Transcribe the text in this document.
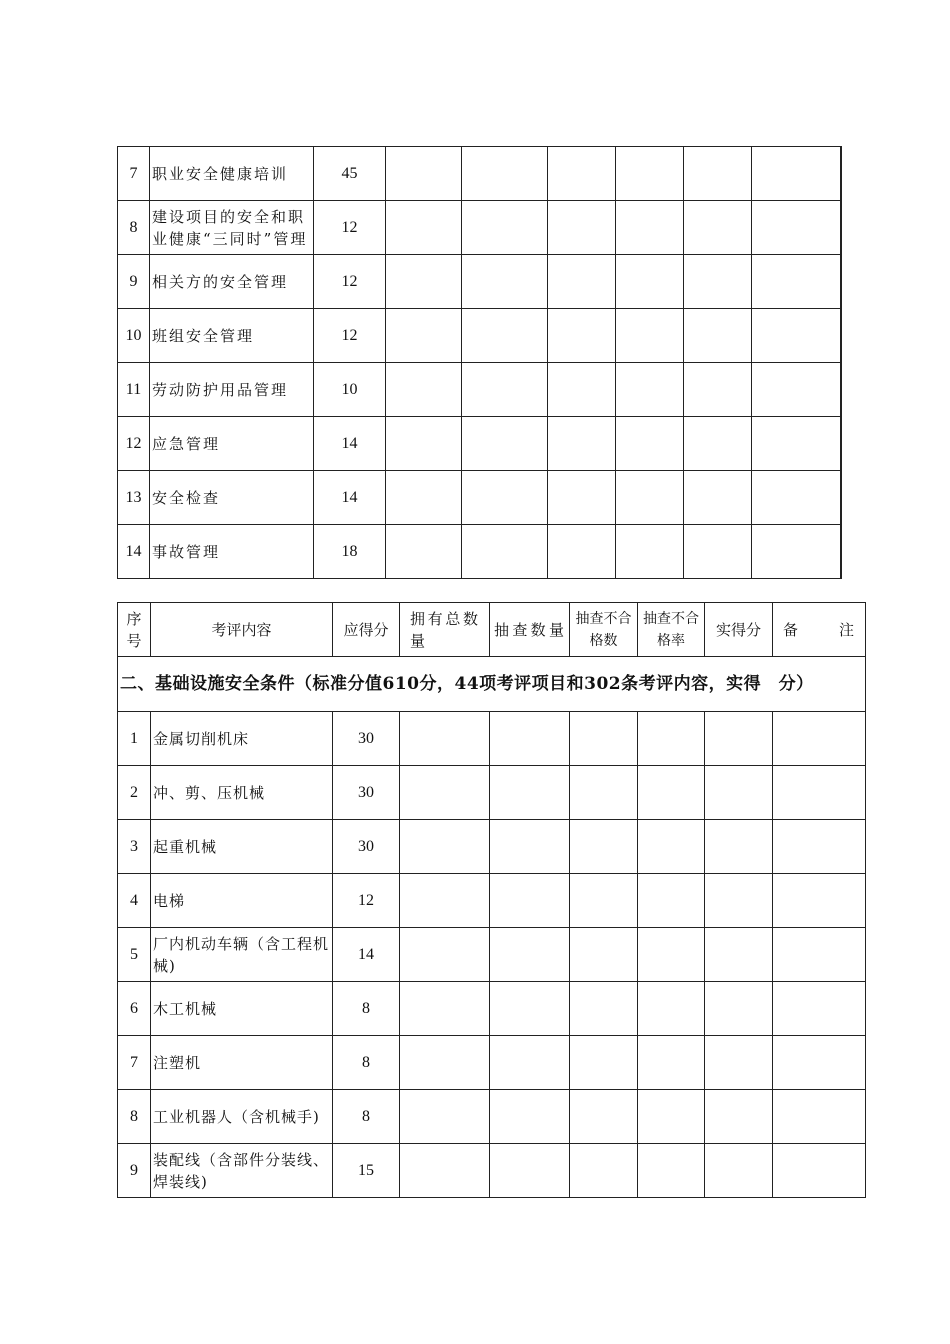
7	职业安全健康培训	45						
8	建设项目的安全和职业健康“三同时”管理	12						
9	相关方的安全管理	12						
10	班组安全管理	12						
11	劳动防护用品管理	10						
12	应急管理	14						
13	安全检查	14						
14	事故管理	18						
序号	考评内容	应得分	拥有总数量	抽查数量	抽查不合格数	抽查不合格率	实得分	备注
二、基础设施安全条件（标准分值610分，44项考评项目和302条考评内容，实得　分）								
1	金属切削机床	30						
2	冲、剪、压机械	30						
3	起重机械	30						
4	电梯	12						
5	厂内机动车辆（含工程机械)	14						
6	木工机械	8						
7	注塑机	8						
8	工业机器人（含机械手)	8						
9	装配线（含部件分装线、焊装线)	15						
